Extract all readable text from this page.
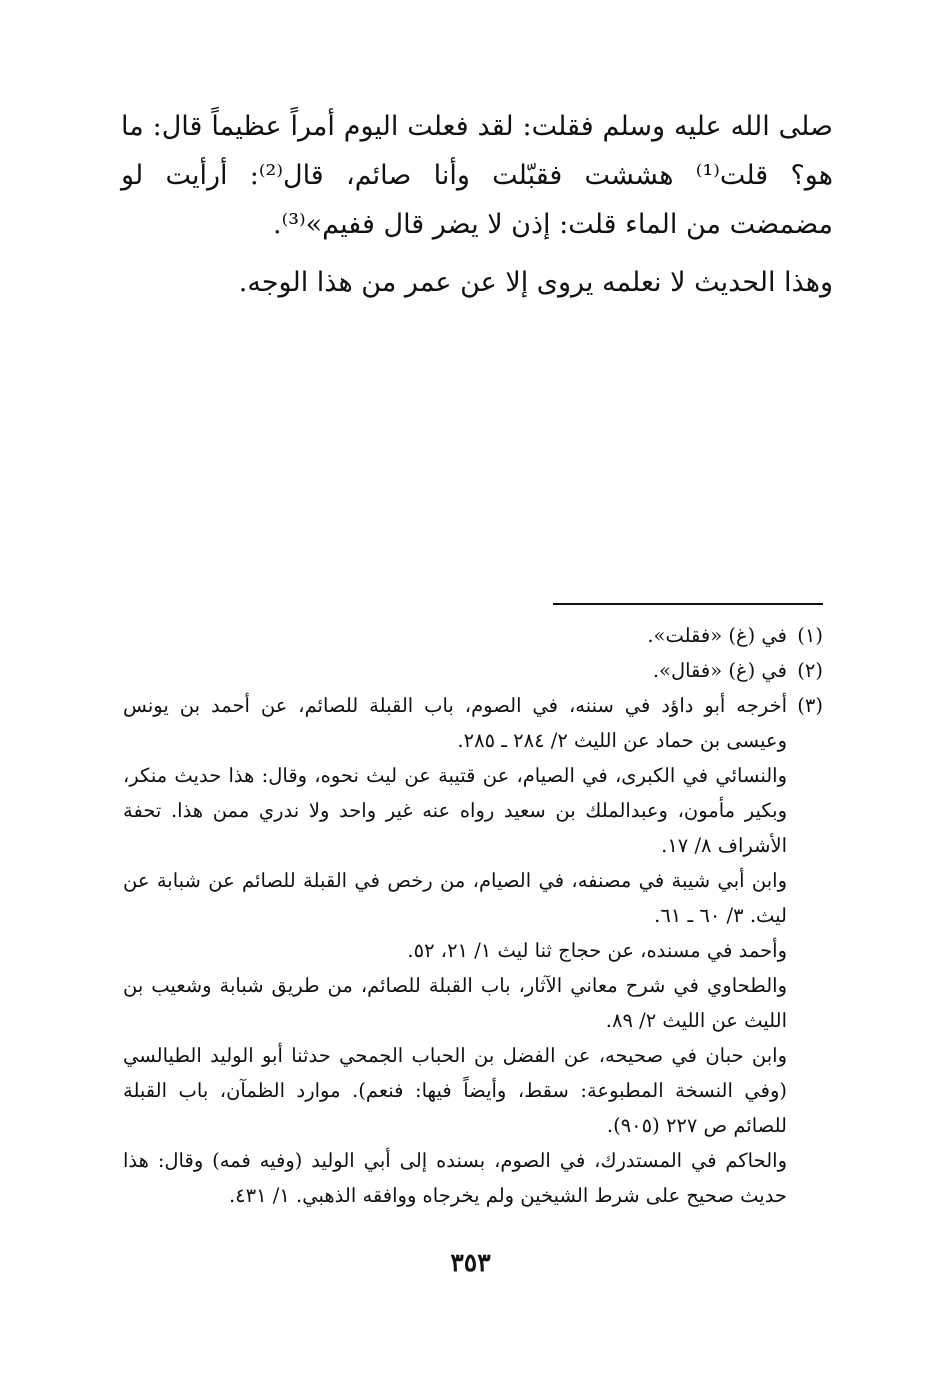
صلى الله عليه وسلم فقلت: لقد فعلت اليوم أمراً عظيماً قال: ما هو؟ قلت⁽¹⁾ هششت فقبّلت وأنا صائم، قال⁽²⁾: أرأيت لو مضمضت من الماء قلت: إذن لا يضر قال ففيم»⁽³⁾.

وهذا الحديث لا نعلمه يروى إلا عن عمر من هذا الوجه.

(١)

في (غ) «فقلت».

(٢)

في (غ) «فقال».

(٣)

أخرجه أبو داؤد في سننه، في الصوم، باب القبلة للصائم، عن أحمد بن يونس وعيسى بن حماد عن الليث ٢/ ٢٨٤ ـ ٢٨٥.

والنسائي في الكبرى، في الصيام، عن قتيبة عن ليث نحوه، وقال: هذا حديث منكر، وبكير مأمون، وعبدالملك بن سعيد رواه عنه غير واحد ولا ندري ممن هذا. تحفة الأشراف ٨/ ١٧.

وابن أبي شيبة في مصنفه، في الصيام، من رخص في القبلة للصائم عن شبابة عن ليث. ٣/ ٦٠ ـ ٦١.

وأحمد في مسنده، عن حجاج ثنا ليث ١/ ٢١، ٥٢.

والطحاوي في شرح معاني الآثار، باب القبلة للصائم، من طريق شبابة وشعيب بن الليث عن الليث ٢/ ٨٩.

وابن حبان في صحيحه، عن الفضل بن الحباب الجمحي حدثنا أبو الوليد الطيالسي (وفي النسخة المطبوعة: سقط، وأيضاً فيها: فنعم). موارد الظمآن، باب القبلة للصائم ص ٢٢٧ (٩٠٥).

والحاكم في المستدرك، في الصوم، بسنده إلى أبي الوليد (وفيه فمه) وقال: هذا حديث صحيح على شرط الشيخين ولم يخرجاه ووافقه الذهبي. ١/ ٤٣١.

٣٥٣
